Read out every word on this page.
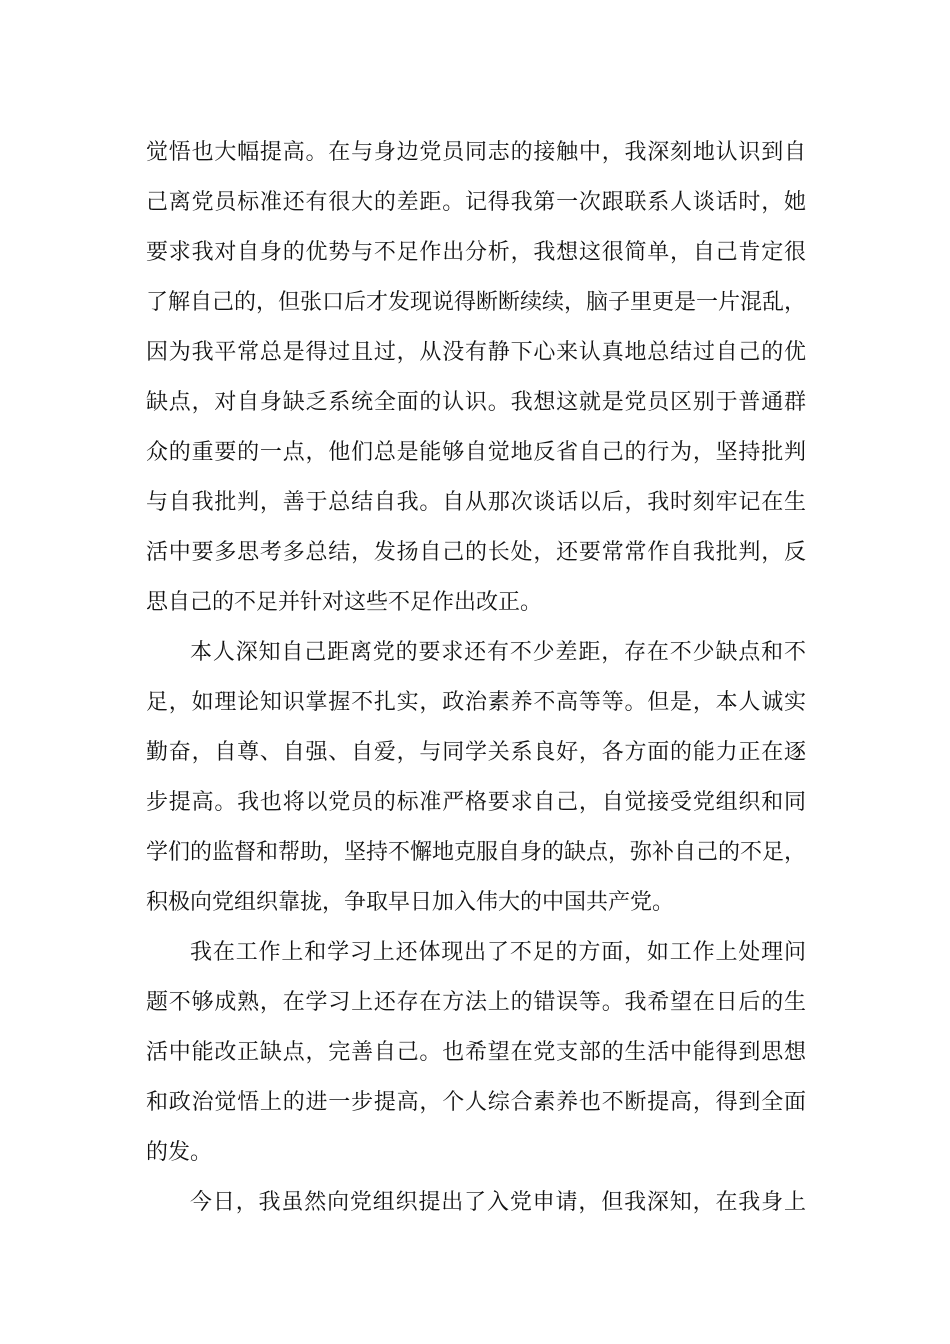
觉悟也大幅提高。在与身边党员同志的接触中，我深刻地认识到自
己离党员标准还有很大的差距。记得我第一次跟联系人谈话时，她
要求我对自身的优势与不足作出分析，我想这很简单，自己肯定很
了解自己的，但张口后才发现说得断断续续，脑子里更是一片混乱，
因为我平常总是得过且过，从没有静下心来认真地总结过自己的优
缺点，对自身缺乏系统全面的认识。我想这就是党员区别于普通群
众的重要的一点，他们总是能够自觉地反省自己的行为，坚持批判
与自我批判，善于总结自我。自从那次谈话以后，我时刻牢记在生
活中要多思考多总结，发扬自己的长处，还要常常作自我批判，反
思自己的不足并针对这些不足作出改正。
本人深知自己距离党的要求还有不少差距，存在不少缺点和不
足，如理论知识掌握不扎实，政治素养不高等等。但是，本人诚实
勤奋，自尊、自强、自爱，与同学关系良好，各方面的能力正在逐
步提高。我也将以党员的标准严格要求自己，自觉接受党组织和同
学们的监督和帮助，坚持不懈地克服自身的缺点，弥补自己的不足，
积极向党组织靠拢，争取早日加入伟大的中国共产党。
我在工作上和学习上还体现出了不足的方面，如工作上处理问
题不够成熟，在学习上还存在方法上的错误等。我希望在日后的生
活中能改正缺点，完善自己。也希望在党支部的生活中能得到思想
和政治觉悟上的进一步提高，个人综合素养也不断提高，得到全面
的发。
今日，我虽然向党组织提出了入党申请，但我深知，在我身上
